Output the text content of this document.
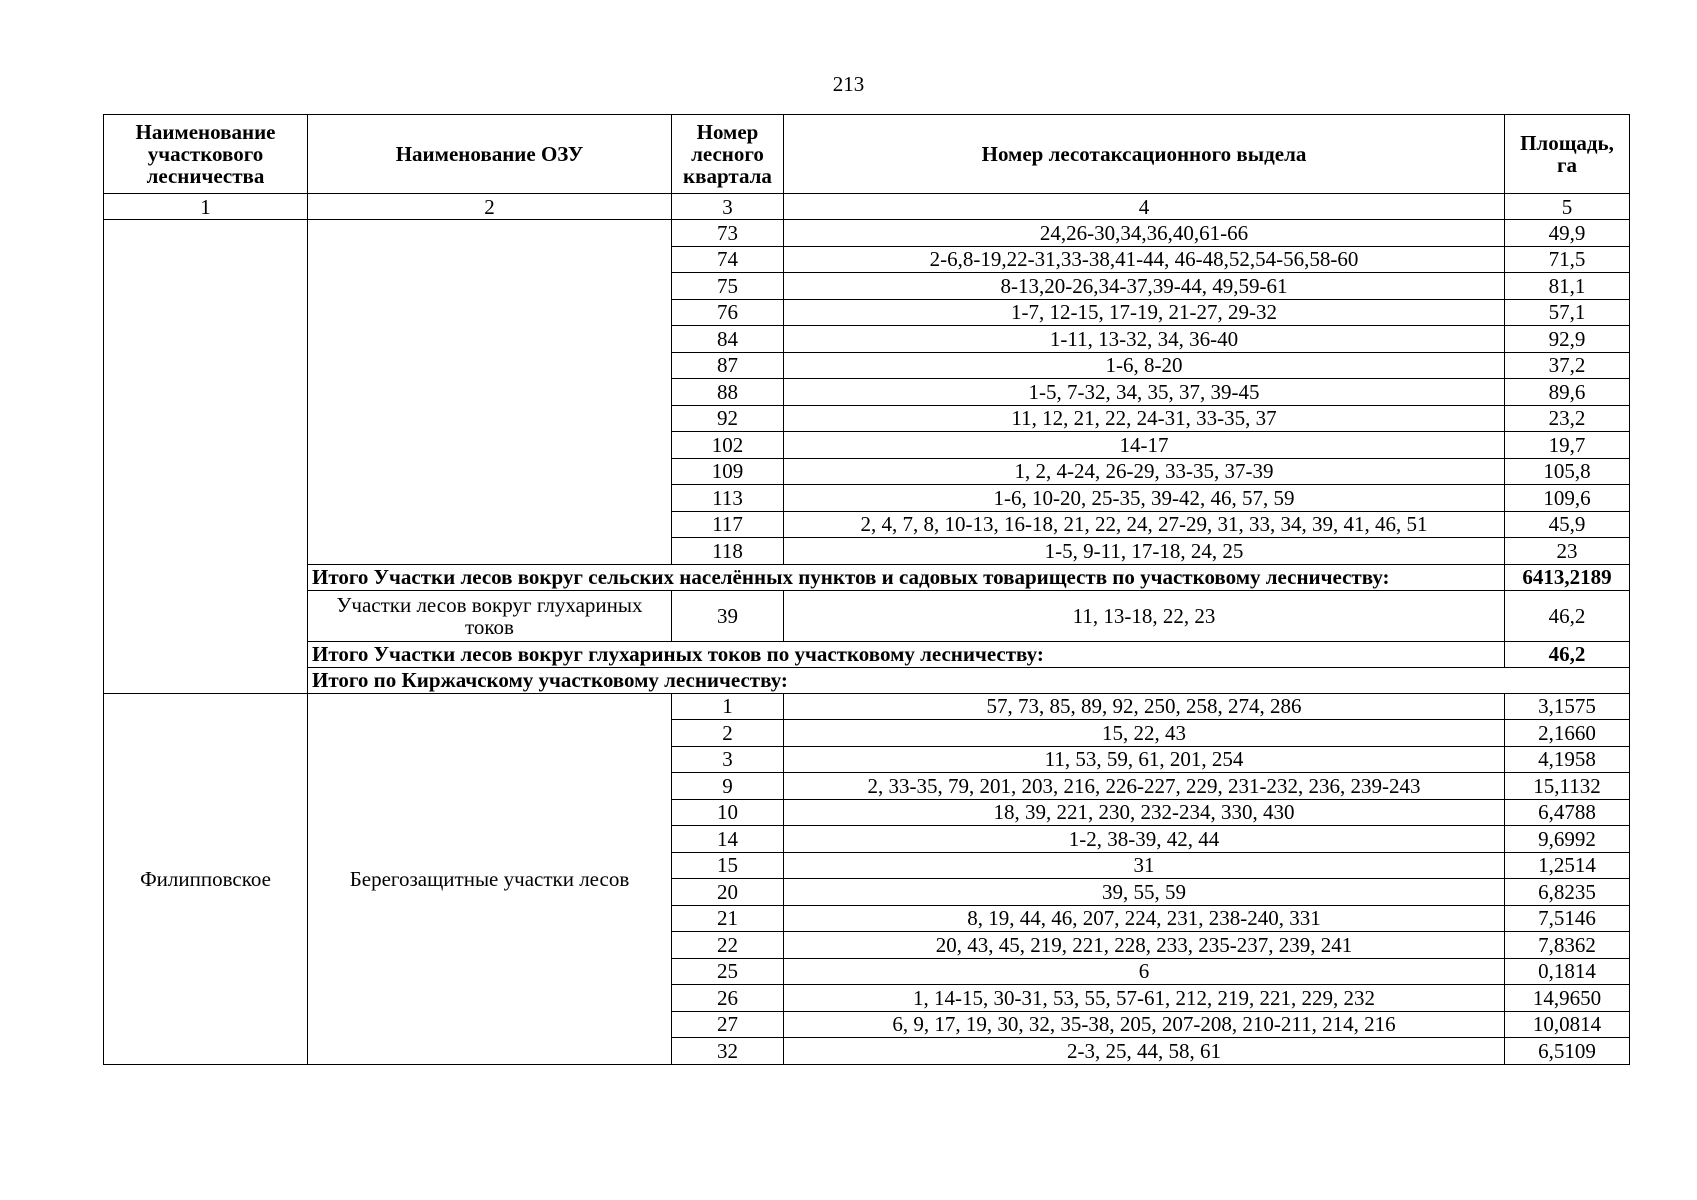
213
Наименование участкового лесничества	Наименование ОЗУ	Номер лесного квартала	Номер лесотаксационного выдела	Площадь, га	
1	2	3	4	5	
		73	24,26-30,34,36,40,61-66	49,9	
		74	2-6,8-19,22-31,33-38,41-44, 46-48,52,54-56,58-60	71,5	
		75	8-13,20-26,34-37,39-44, 49,59-61	81,1	
		76	1-7, 12-15, 17-19, 21-27, 29-32	57,1	
		84	1-11, 13-32, 34, 36-40	92,9	
		87	1-6, 8-20	37,2	
		88	1-5, 7-32, 34, 35, 37, 39-45	89,6	
		92	11, 12, 21, 22, 24-31, 33-35, 37	23,2	
		102	14-17	19,7	
		109	1, 2, 4-24, 26-29, 33-35, 37-39	105,8	
		113	1-6, 10-20, 25-35, 39-42, 46, 57, 59	109,6	
		117	2, 4, 7, 8, 10-13, 16-18, 21, 22, 24, 27-29, 31, 33, 34, 39, 41, 46, 51	45,9	
		118	1-5, 9-11, 17-18, 24, 25	23	
	Итого Участки лесов вокруг сельских населённых пунктов и садовых товариществ по участковому лесничеству:			6413,2189	
	Участки лесов вокруг глухариных токов	39	11, 13-18, 22, 23	46,2	
	Итого Участки лесов вокруг глухариных токов по участковому лесничеству:			46,2	
	Итого по Киржачскому участковому лесничеству:	
Филипповское	Берегозащитные участки лесов	1	57, 73, 85, 89, 92, 250, 258, 274, 286	3,1575	
		2	15, 22, 43	2,1660	
		3	11, 53, 59, 61, 201, 254	4,1958	
		9	2, 33-35, 79, 201, 203, 216, 226-227, 229, 231-232, 236, 239-243	15,1132	
		10	18, 39, 221, 230, 232-234, 330, 430	6,4788	
		14	1-2, 38-39, 42, 44	9,6992	
		15	31	1,2514	
		20	39, 55, 59	6,8235	
		21	8, 19, 44, 46, 207, 224, 231, 238-240, 331	7,5146	
		22	20, 43, 45, 219, 221, 228, 233, 235-237, 239, 241	7,8362	
		25	6	0,1814	
		26	1, 14-15, 30-31, 53, 55, 57-61, 212, 219, 221, 229, 232	14,9650	
		27	6, 9, 17, 19, 30, 32, 35-38, 205, 207-208, 210-211, 214, 216	10,0814	
		32	2-3, 25, 44, 58, 61	6,5109	
